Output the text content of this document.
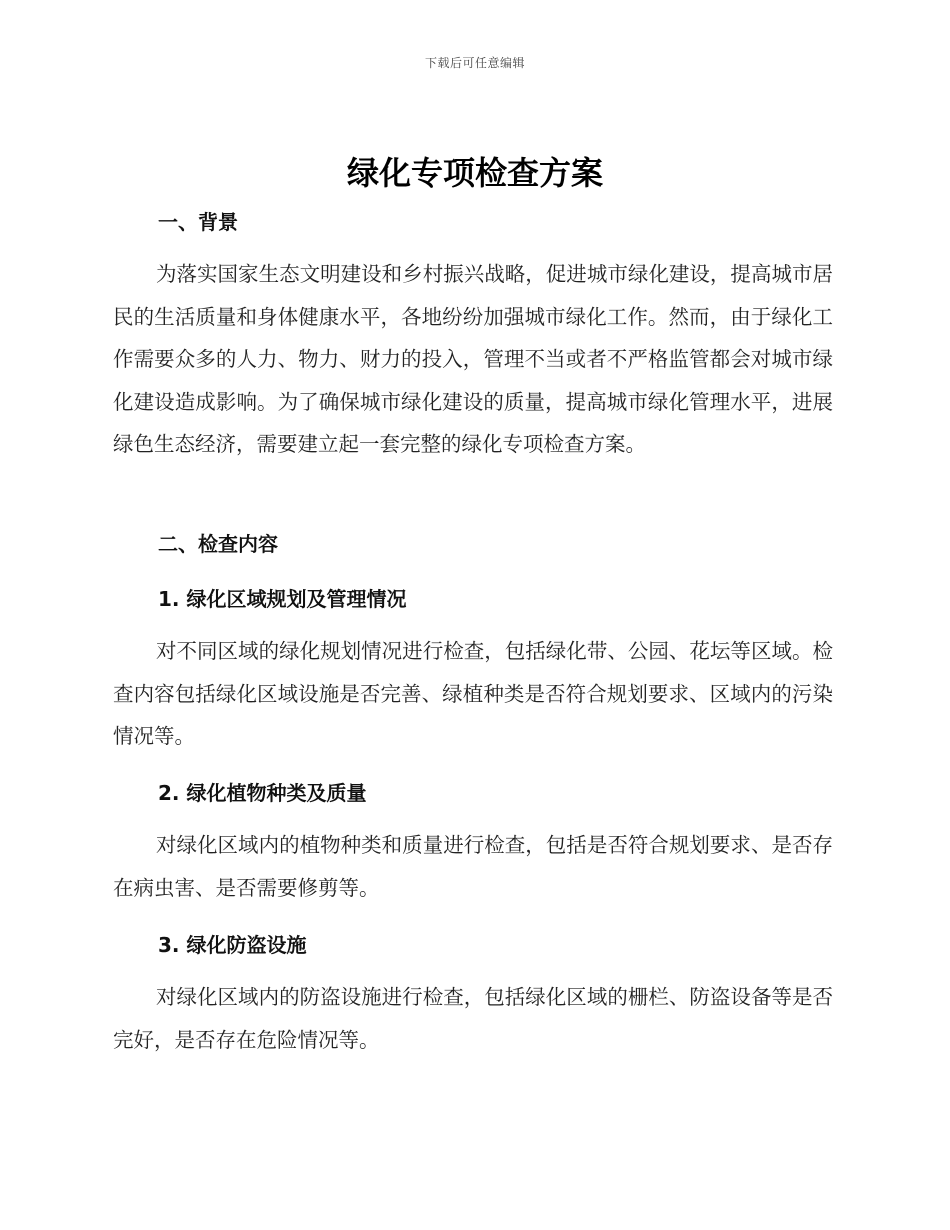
下载后可任意编辑
绿化专项检查方案
一、背景

为落实国家生态文明建设和乡村振兴战略，促进城市绿化建设，提高城市居民的生活质量和身体健康水平，各地纷纷加强城市绿化工作。然而，由于绿化工作需要众多的人力、物力、财力的投入，管理不当或者不严格监管都会对城市绿化建设造成影响。为了确保城市绿化建设的质量，提高城市绿化管理水平，进展绿色生态经济，需要建立起一套完整的绿化专项检查方案。

二、检查内容
1. 绿化区域规划及管理情况

对不同区域的绿化规划情况进行检查，包括绿化带、公园、花坛等区域。检查内容包括绿化区域设施是否完善、绿植种类是否符合规划要求、区域内的污染情况等。

2. 绿化植物种类及质量

对绿化区域内的植物种类和质量进行检查，包括是否符合规划要求、是否存在病虫害、是否需要修剪等。

3. 绿化防盗设施

对绿化区域内的防盗设施进行检查，包括绿化区域的栅栏、防盗设备等是否完好，是否存在危险情况等。
